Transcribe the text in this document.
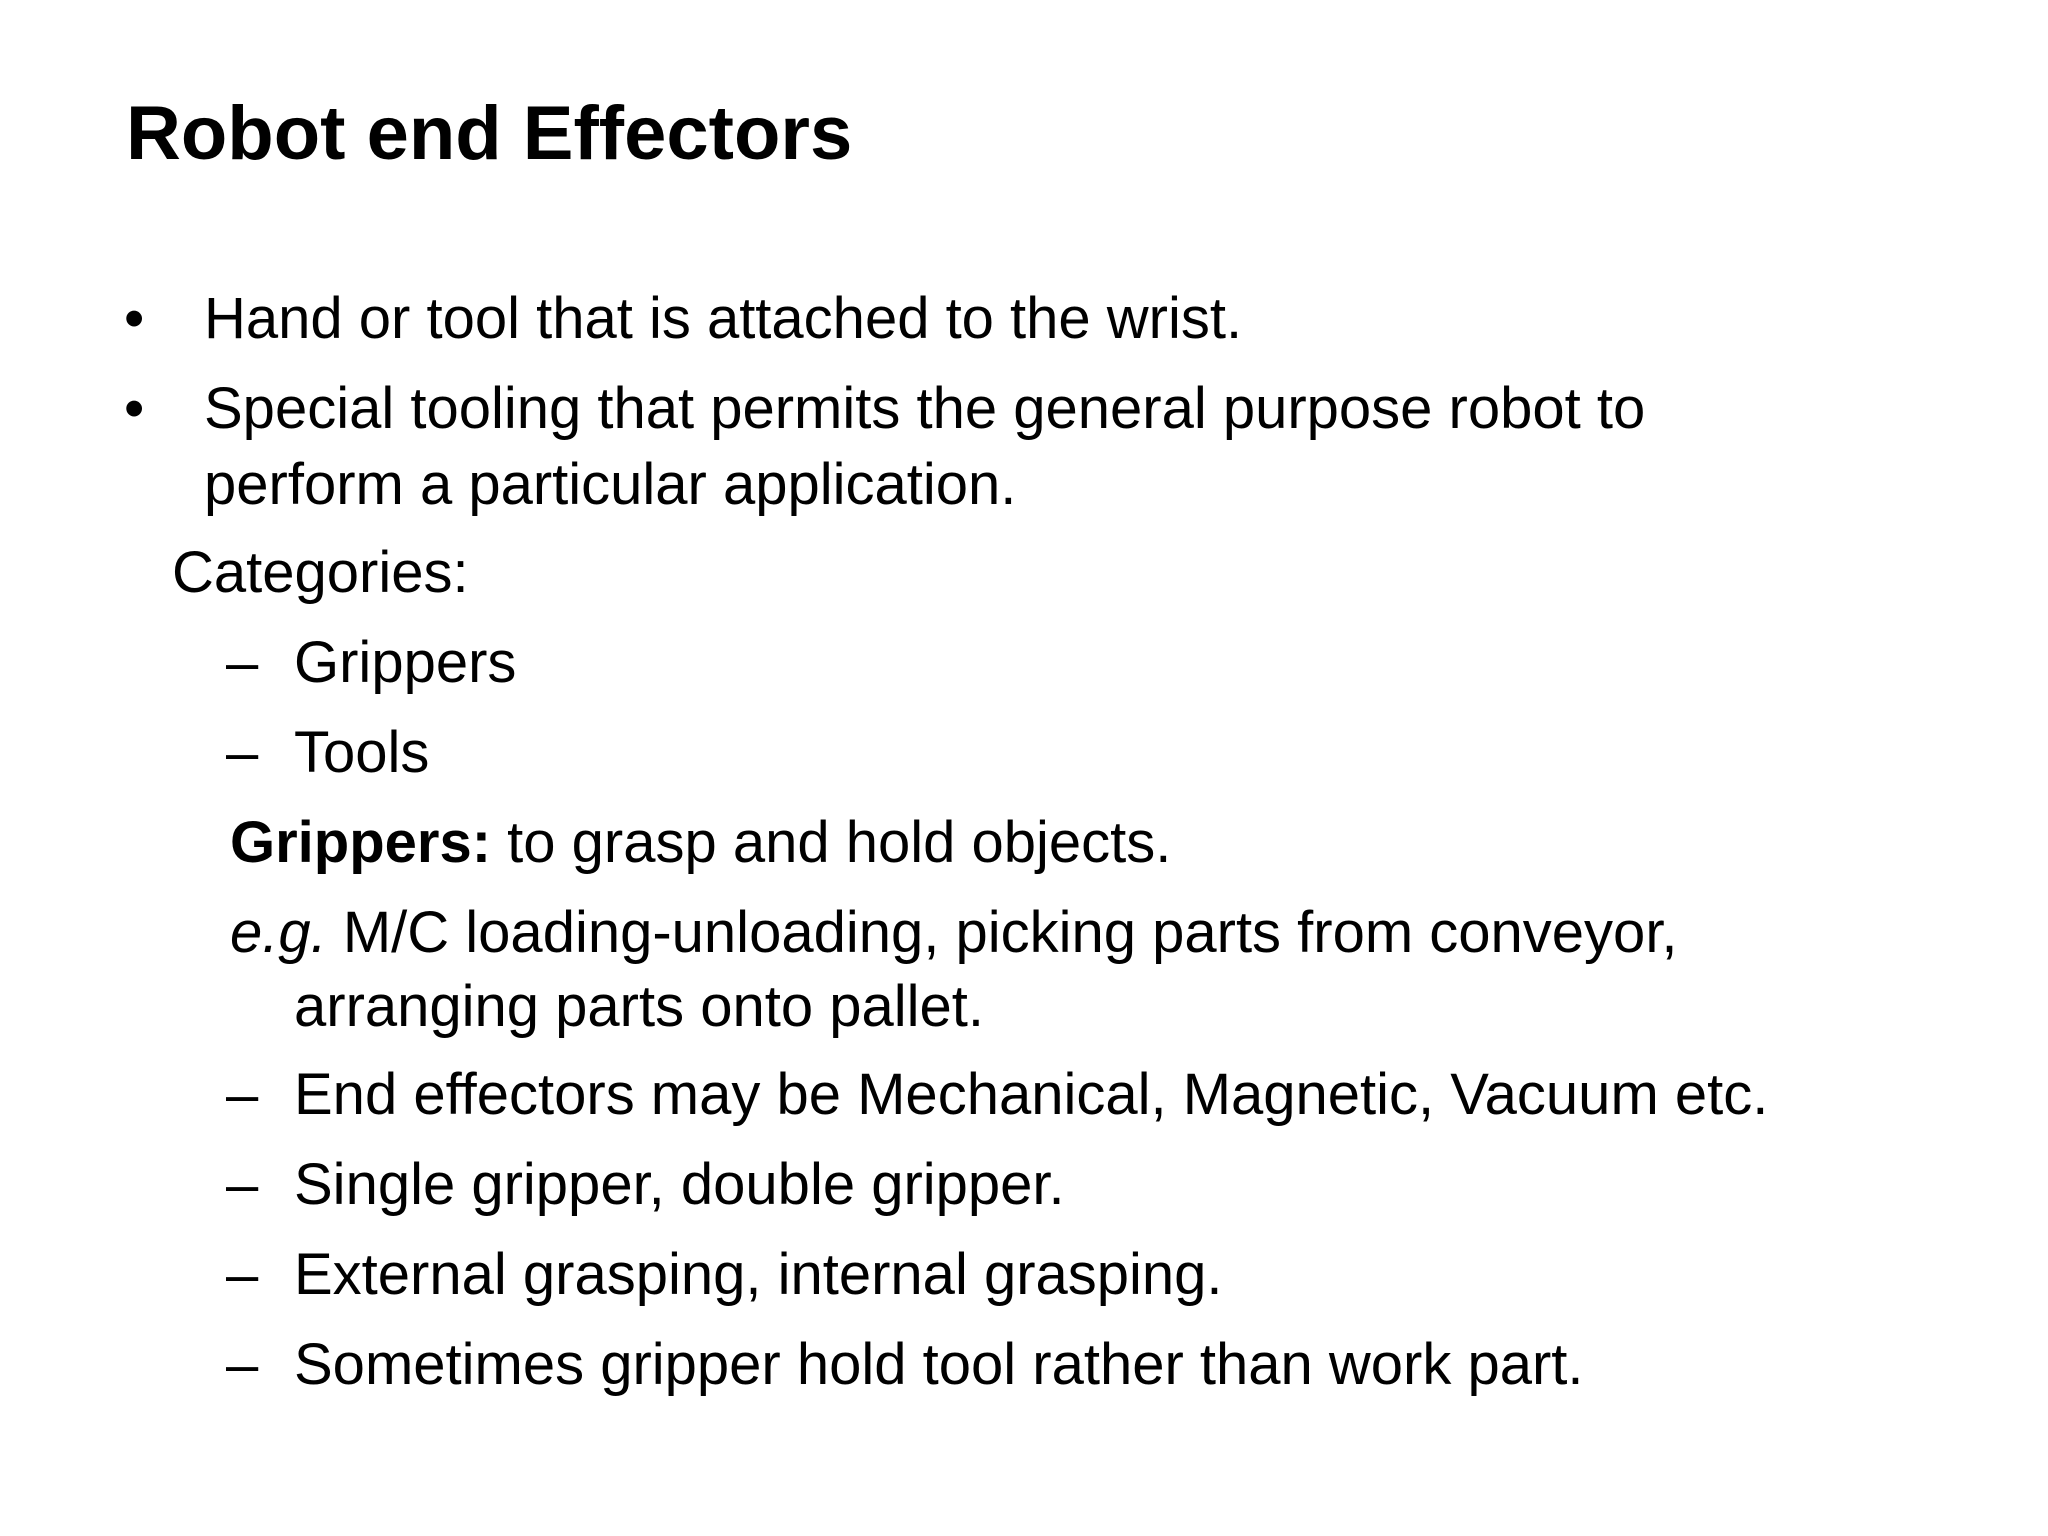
Robot end Effectors
• Hand or tool that is attached to the wrist.
• Special tooling that permits the general purpose robot to
perform a particular application.
Categories:
– Grippers
– Tools
Grippers: to grasp and hold objects.
e.g. M/C loading-unloading, picking parts from conveyor,
arranging parts onto pallet.
– End effectors may be Mechanical, Magnetic, Vacuum etc.
– Single gripper, double gripper.
– External grasping, internal grasping.
– Sometimes gripper hold tool rather than work part.
